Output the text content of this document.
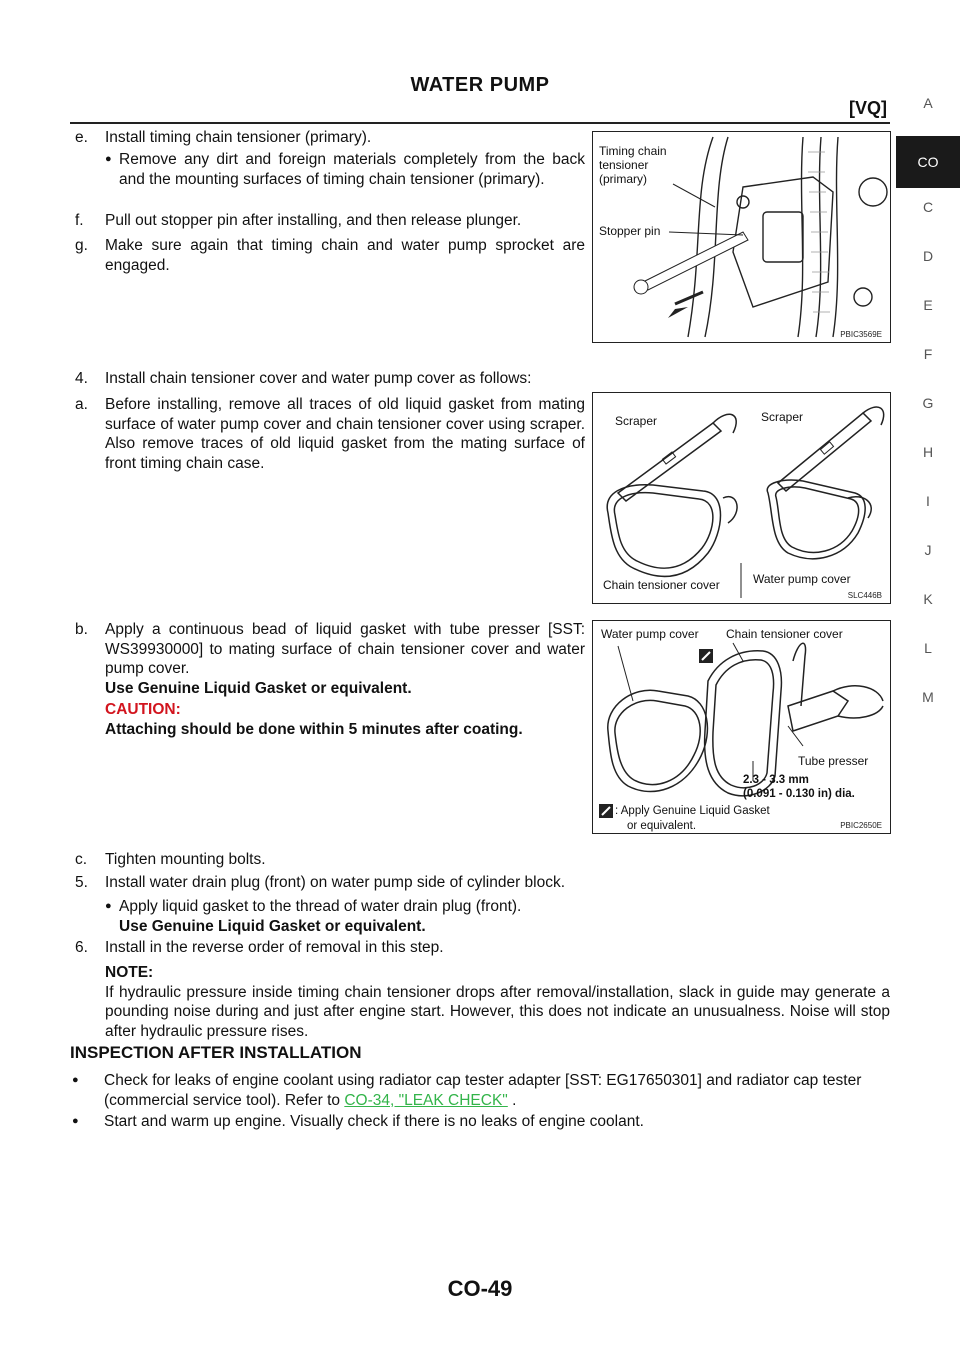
WATER PUMP
[VQ]	A
CO
C
D
E
F
G
H
I
J
K
L
M
e. Install timing chain tensioner (primary).
● Remove any dirt and foreign materials completely from the back and the mounting surfaces of timing chain tensioner (primary).
f. Pull out stopper pin after installing, and then release plunger.
g. Make sure again that timing chain and water pump sprocket are engaged.
Timing chain
tensioner
(primary)
Stopper pin
PBIC3569E
4. Install chain tensioner cover and water pump cover as follows:
a. Before installing, remove all traces of old liquid gasket from mating surface of water pump cover and chain tensioner cover using scraper. Also remove traces of old liquid gasket from the mating surface of front timing chain case.
Scraper	Scraper
Chain tensioner cover	Water pump cover
SLC446B
b. Apply a continuous bead of liquid gasket with tube presser [SST: WS39930000] to mating surface of chain tensioner cover and water pump cover.
Use Genuine Liquid Gasket or equivalent.
CAUTION:
Attaching should be done within 5 minutes after coating.
Water pump cover Chain tensioner cover
Tube presser
2.3 - 3.3 mm
(0.091 - 0.130 in) dia.
: Apply Genuine Liquid Gasket
or equivalent.	PBIC2650E
c. Tighten mounting bolts.
5. Install water drain plug (front) on water pump side of cylinder block.
● Apply liquid gasket to the thread of water drain plug (front).
Use Genuine Liquid Gasket or equivalent.
6. Install in the reverse order of removal in this step.
NOTE:
If hydraulic pressure inside timing chain tensioner drops after removal/installation, slack in guide may generate a pounding noise during and just after engine start. However, this does not indicate an unusualness. Noise will stop after hydraulic pressure rises.
INSPECTION AFTER INSTALLATION
● Check for leaks of engine coolant using radiator cap tester adapter [SST: EG17650301] and radiator cap tester (commercial service tool). Refer to CO-34, "LEAK CHECK" .
● Start and warm up engine. Visually check if there is no leaks of engine coolant.
CO-49
